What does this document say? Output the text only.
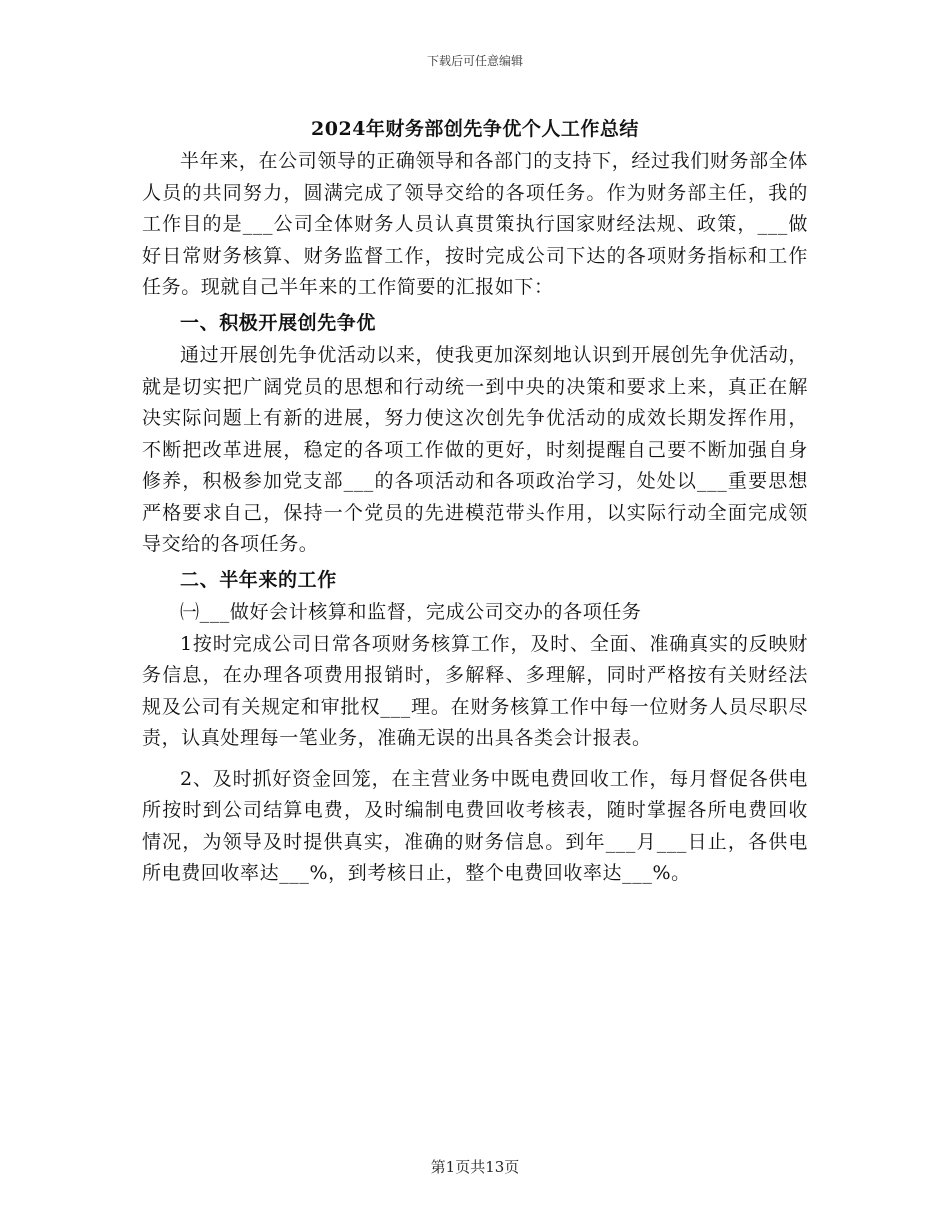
下载后可任意编辑
2024年财务部创先争优个人工作总结

半年来，在公司领导的正确领导和各部门的支持下，经过我们财务部全体人员的共同努力，圆满完成了领导交给的各项任务。作为财务部主任，我的工作目的是___公司全体财务人员认真贯策执行国家财经法规、政策，___做好日常财务核算、财务监督工作，按时完成公司下达的各项财务指标和工作任务。现就自己半年来的工作简要的汇报如下：

一、积极开展创先争优

通过开展创先争优活动以来，使我更加深刻地认识到开展创先争优活动，就是切实把广阔党员的思想和行动统一到中央的决策和要求上来，真正在解决实际问题上有新的进展，努力使这次创先争优活动的成效长期发挥作用，不断把改革进展，稳定的各项工作做的更好，时刻提醒自己要不断加强自身修养，积极参加党支部___的各项活动和各项政治学习，处处以___重要思想严格要求自己，保持一个党员的先进模范带头作用，以实际行动全面完成领导交给的各项任务。

二、半年来的工作

㈠___做好会计核算和监督，完成公司交办的各项任务

1按时完成公司日常各项财务核算工作，及时、全面、准确真实的反映财务信息，在办理各项费用报销时，多解释、多理解，同时严格按有关财经法规及公司有关规定和审批权___理。在财务核算工作中每一位财务人员尽职尽责，认真处理每一笔业务，准确无误的出具各类会计报表。

2、及时抓好资金回笼，在主营业务中既电费回收工作，每月督促各供电所按时到公司结算电费，及时编制电费回收考核表，随时掌握各所电费回收情况，为领导及时提供真实，准确的财务信息。到年___月___日止，各供电所电费回收率达___%，到考核日止，整个电费回收率达___%。

第1页共13页
